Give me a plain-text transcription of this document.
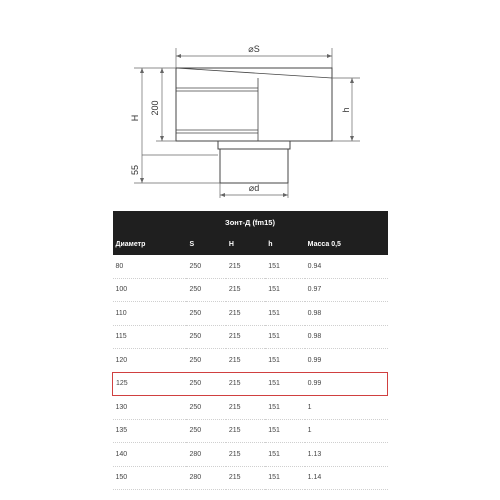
⌀S
⌀d
H
200
55
h
Зонт-Д (fm15)				
Диаметр	S	H	h	Масса 0,5
80	250	215	151	0.94
100	250	215	151	0.97
110	250	215	151	0.98
115	250	215	151	0.98
120	250	215	151	0.99
125	250	215	151	0.99
130	250	215	151	1
135	250	215	151	1
140	280	215	151	1.13
150	280	215	151	1.14
